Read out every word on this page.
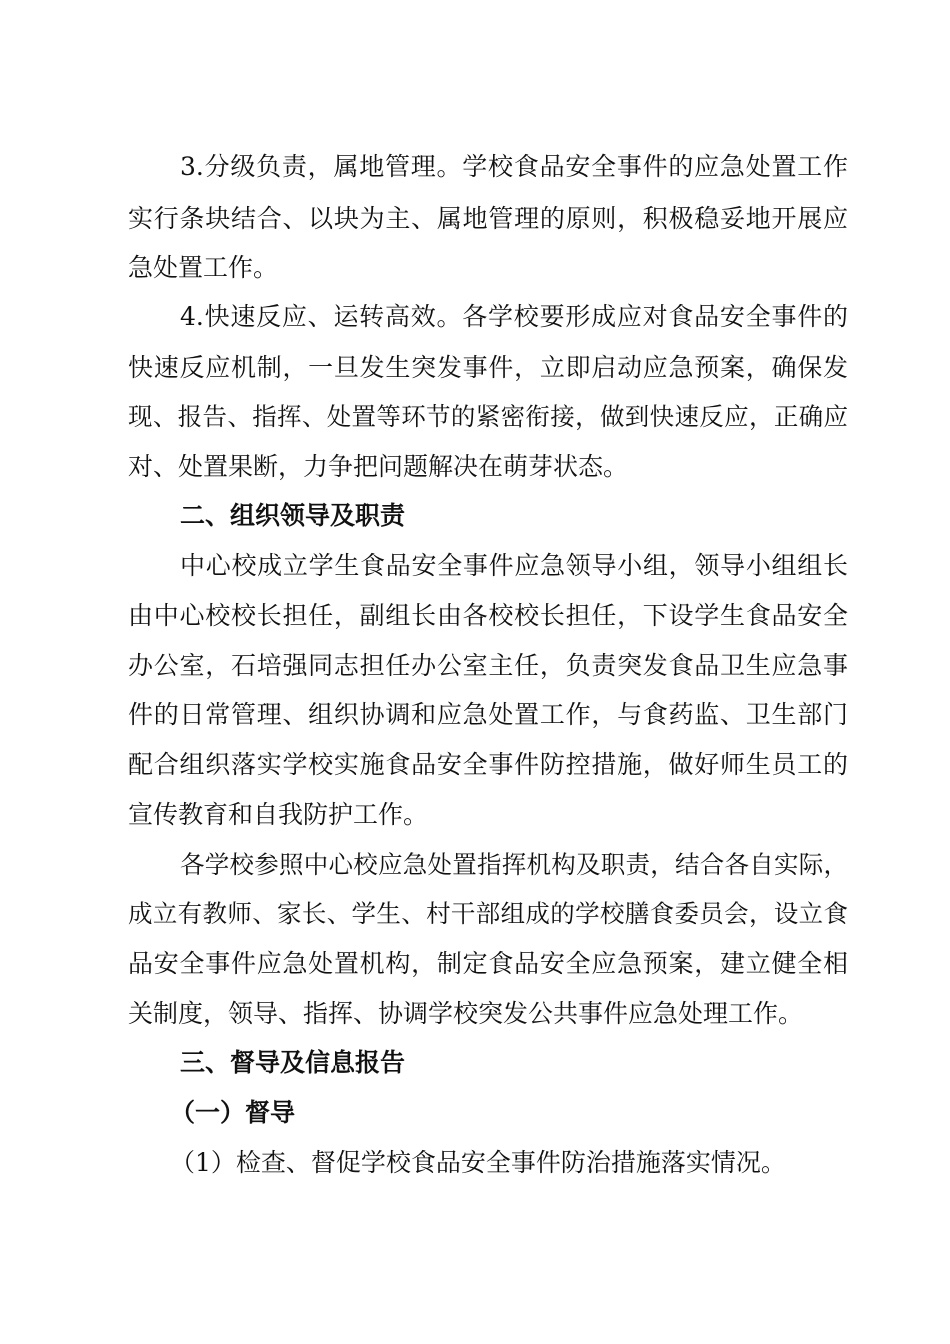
3.分级负责，属地管理。学校食品安全事件的应急处置工作
实行条块结合、以块为主、属地管理的原则，积极稳妥地开展应
急处置工作。
4.快速反应、运转高效。各学校要形成应对食品安全事件的
快速反应机制，一旦发生突发事件，立即启动应急预案，确保发
现、报告、指挥、处置等环节的紧密衔接，做到快速反应，正确应
对、处置果断，力争把问题解决在萌芽状态。
二、组织领导及职责
中心校成立学生食品安全事件应急领导小组，领导小组组长
由中心校校长担任，副组长由各校校长担任，下设学生食品安全
办公室，石培强同志担任办公室主任，负责突发食品卫生应急事
件的日常管理、组织协调和应急处置工作，与食药监、卫生部门
配合组织落实学校实施食品安全事件防控措施，做好师生员工的
宣传教育和自我防护工作。
各学校参照中心校应急处置指挥机构及职责，结合各自实际，
成立有教师、家长、学生、村干部组成的学校膳食委员会，设立食
品安全事件应急处置机构，制定食品安全应急预案，建立健全相
关制度，领导、指挥、协调学校突发公共事件应急处理工作。
三、督导及信息报告
（一）督导
（1）检查、督促学校食品安全事件防治措施落实情况。
